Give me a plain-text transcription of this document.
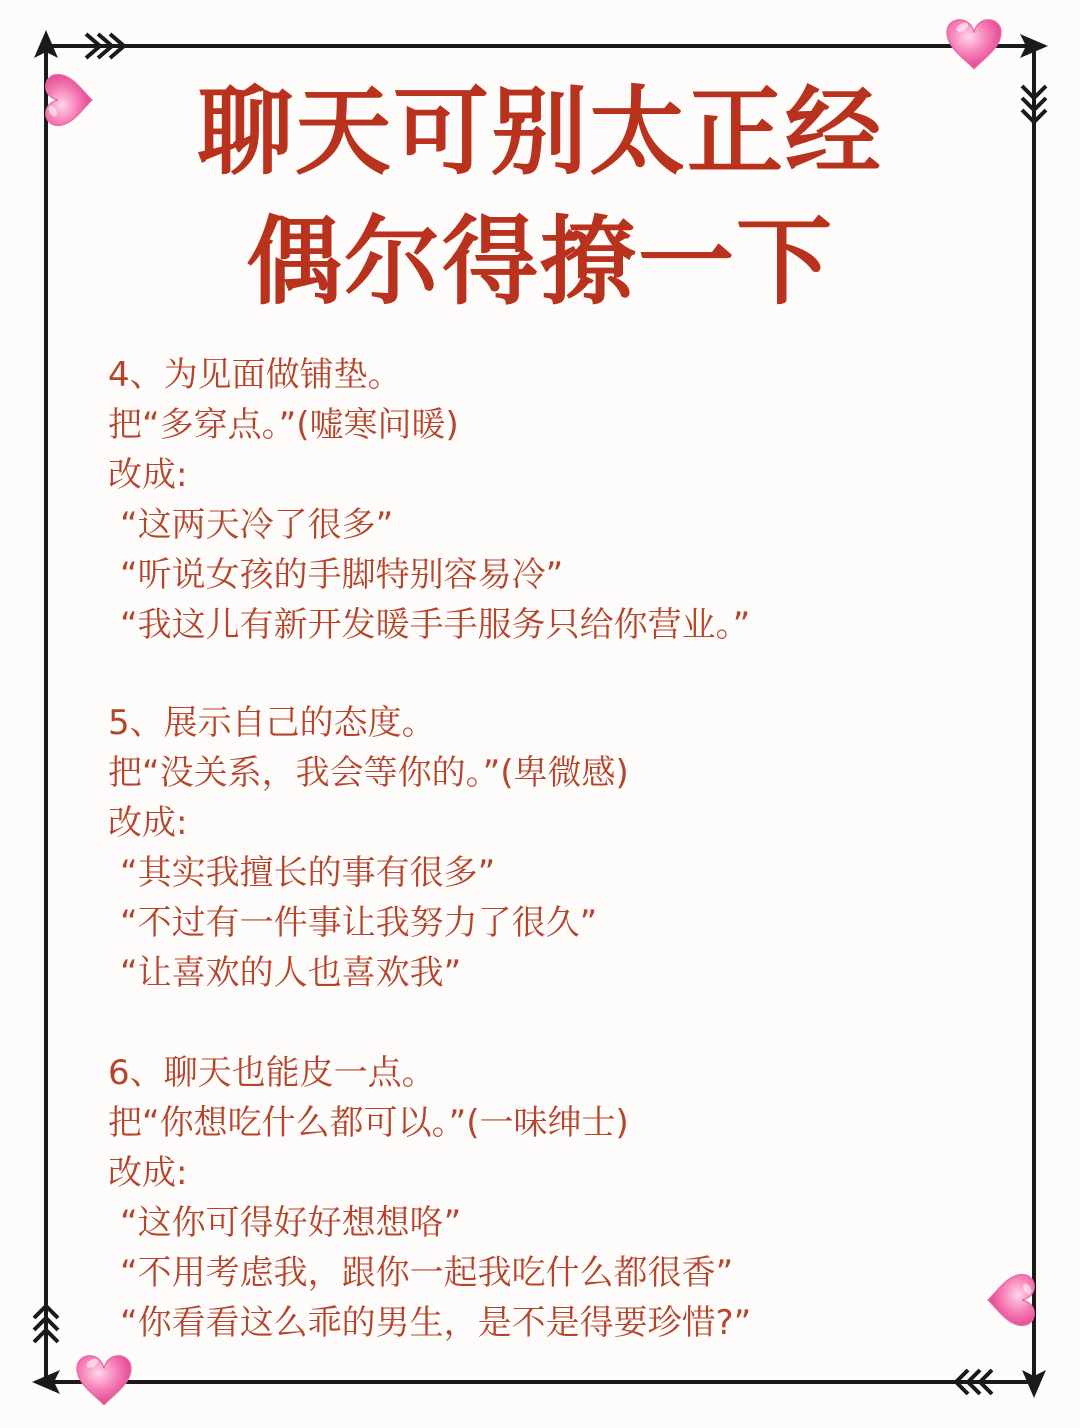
聊天可别太正经
偶尔得撩一下

4、为见面做铺垫。

把“多穿点。”(嘘寒问暖)

改成:

“这两天冷了很多”

“听说女孩的手脚特别容易冷”

“我这儿有新开发暖手手服务只给你营业。”

5、展示自己的态度。

把“没关系，我会等你的。”(卑微感)

改成:

“其实我擅长的事有很多”

“不过有一件事让我努力了很久”

“让喜欢的人也喜欢我”

6、聊天也能皮一点。

把“你想吃什么都可以。”(一味绅士)

改成:

“这你可得好好想想咯”

“不用考虑我，跟你一起我吃什么都很香”

“你看看这么乖的男生，是不是得要珍惜?”
